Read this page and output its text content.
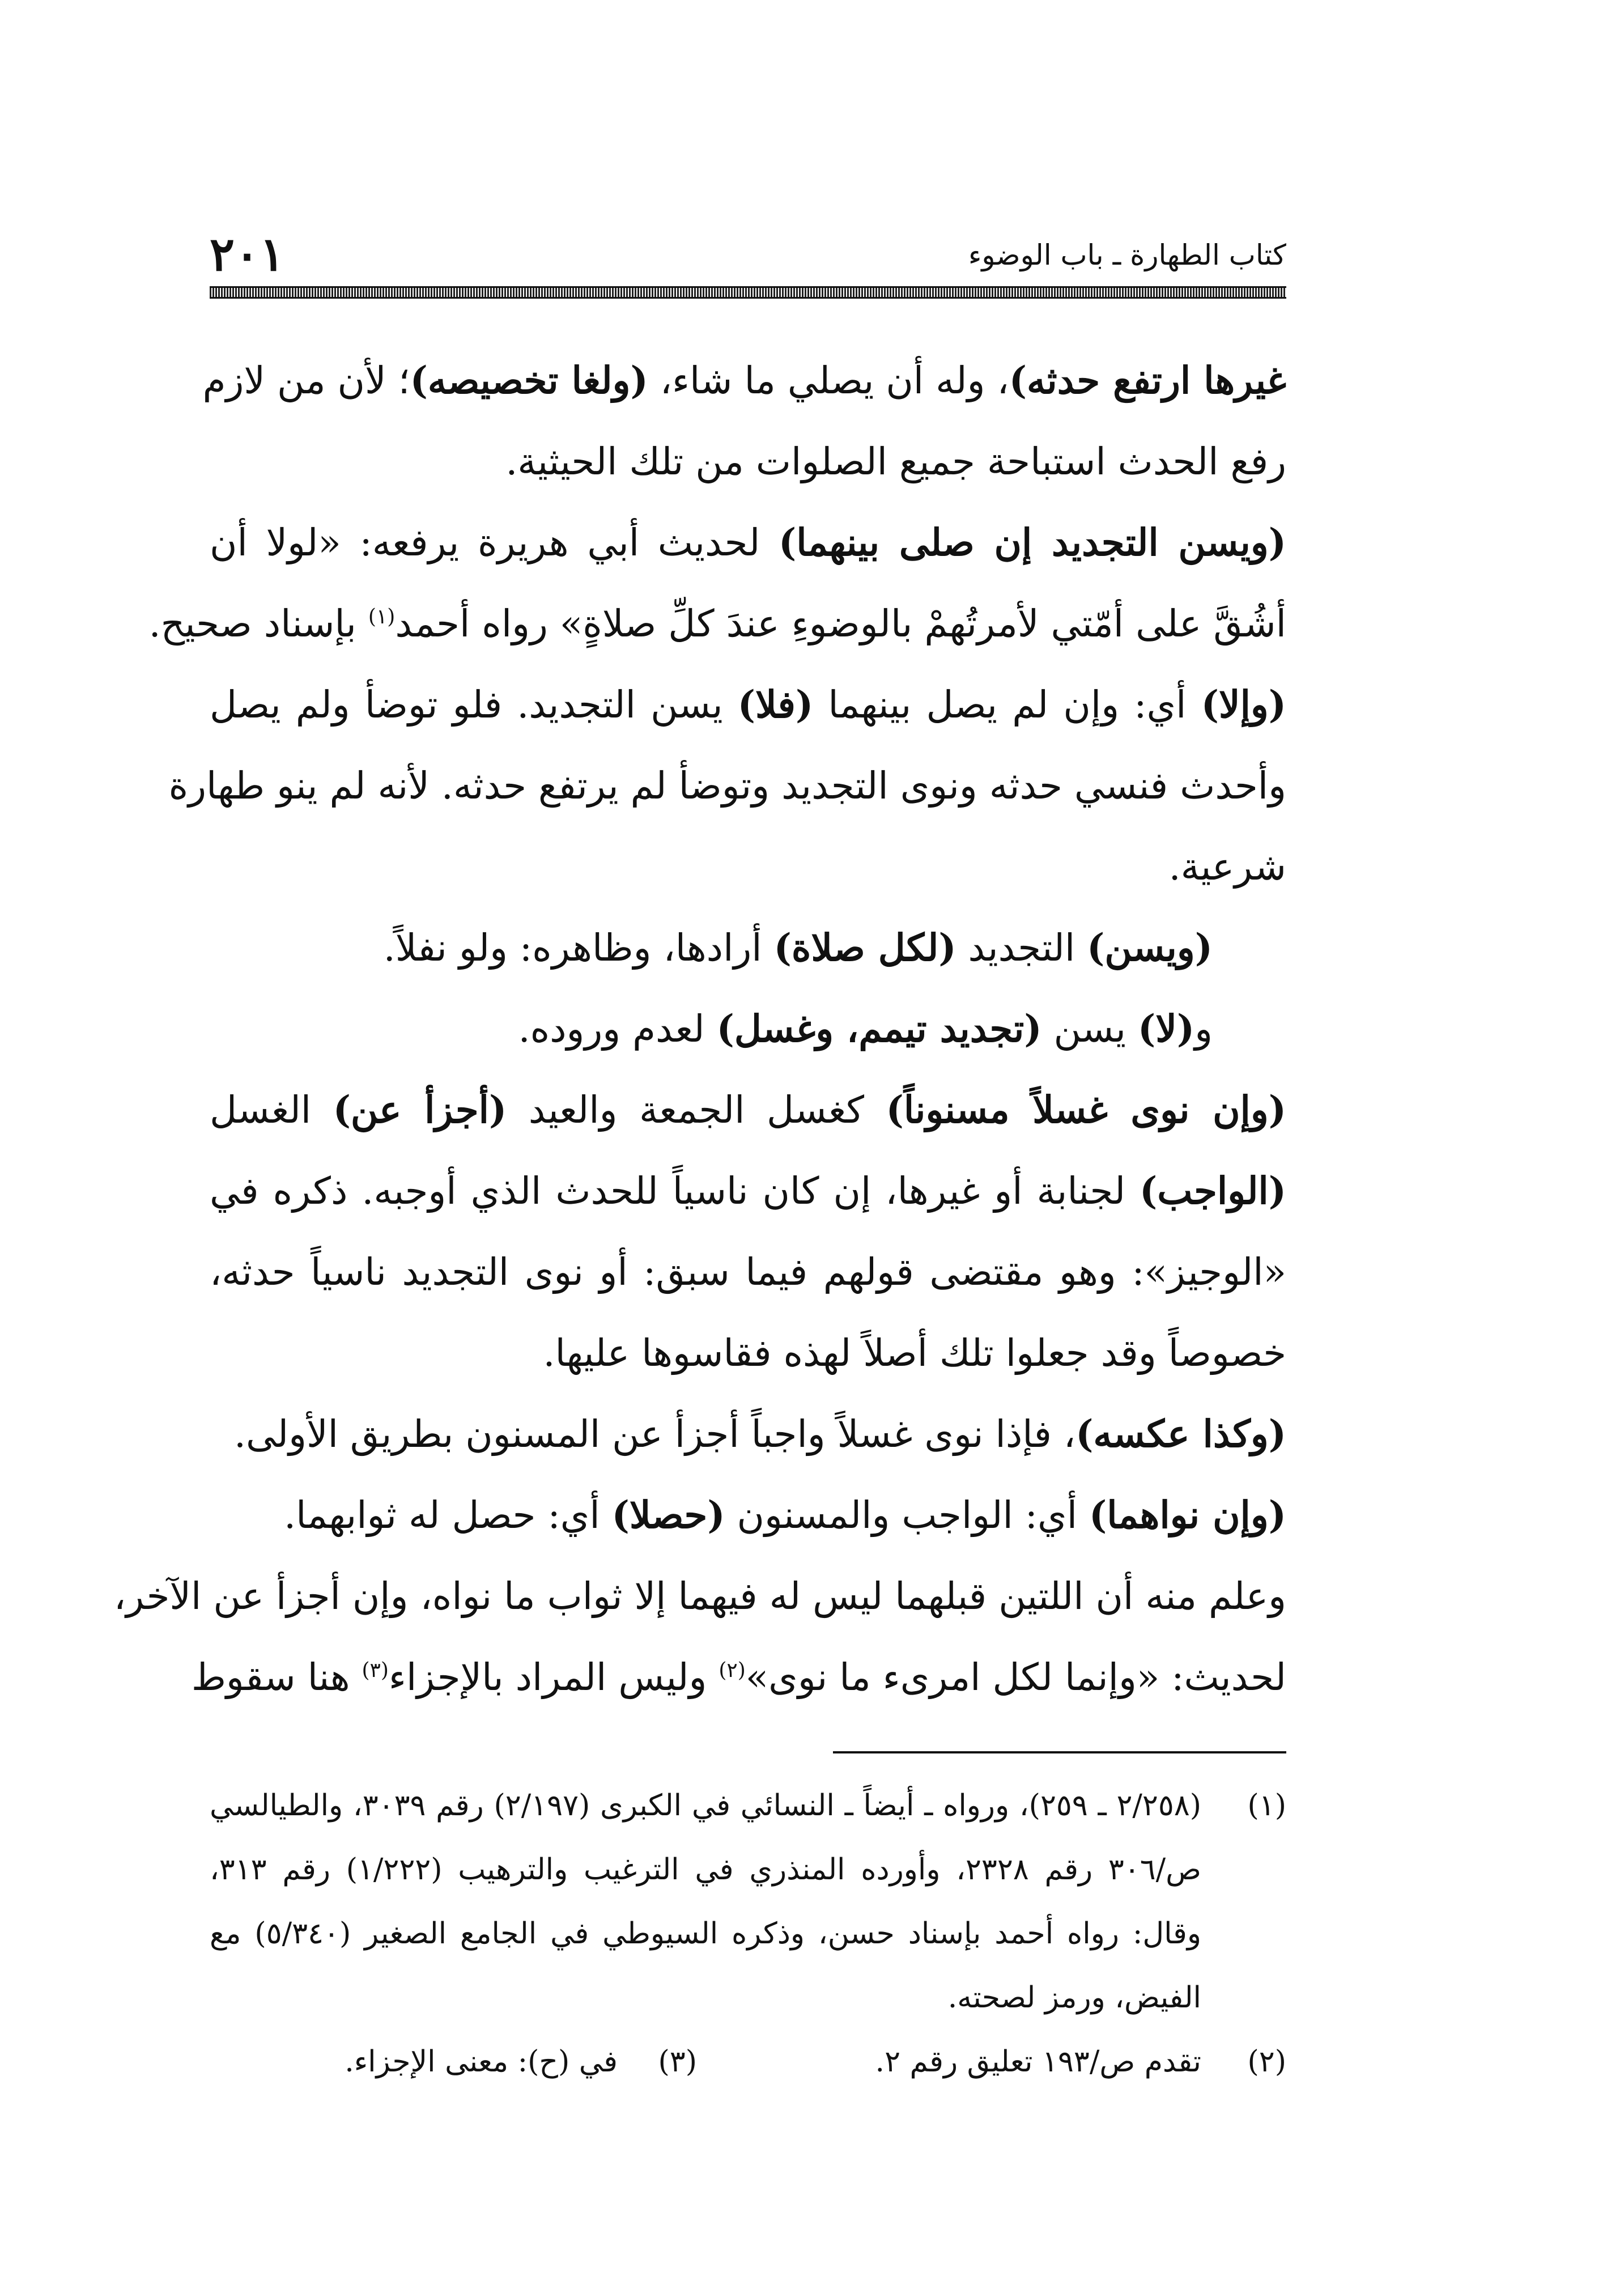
كتاب الطهارة ـ باب الوضوء
٢٠١
غيرها ارتفع حدثه)، وله أن يصلي ما شاء، (ولغا تخصيصه)؛ لأن من لازم
رفع الحدث استباحة جميع الصلوات من تلك الحيثية.
(ويسن التجديد إن صلى بينهما) لحديث أبي هريرة يرفعه: «لولا أن
أشُقَّ على أمّتي لأمرتُهمْ بالوضوءِ عندَ كلِّ صلاةٍ» رواه أحمد$^{(١)}$ بإسناد صحيح.
(وإلا) أي: وإن لم يصل بينهما (فلا) يسن التجديد. فلو توضأ ولم يصل
وأحدث فنسي حدثه ونوى التجديد وتوضأ لم يرتفع حدثه. لأنه لم ينو طهارة
شرعية.
(ويسن) التجديد (لكل صلاة) أرادها، وظاهره: ولو نفلاً.
و(لا) يسن (تجديد تيمم، وغسل) لعدم وروده.
(وإن نوى غسلاً مسنوناً) كغسل الجمعة والعيد (أجزأ عن) الغسل
(الواجب) لجنابة أو غيرها، إن كان ناسياً للحدث الذي أوجبه. ذكره في
«الوجيز»: وهو مقتضى قولهم فيما سبق: أو نوى التجديد ناسياً حدثه،
خصوصاً وقد جعلوا تلك أصلاً لهذه فقاسوها عليها.
(وكذا عكسه)، فإذا نوى غسلاً واجباً أجزأ عن المسنون بطريق الأولى.
(وإن نواهما) أي: الواجب والمسنون (حصلا) أي: حصل له ثوابهما.
وعلم منه أن اللتين قبلهما ليس له فيهما إلا ثواب ما نواه، وإن أجزأ عن الآخر،
لحديث: «وإنما لكل امرىء ما نوى»$^{(٢)}$ وليس المراد بالإجزاء$^{(٣)}$ هنا سقوط
(١)
(٢/٢٥٨ ـ ٢٥٩)، ورواه ـ أيضاً ـ النسائي في الكبرى (٢/١٩٧) رقم ٣٠٣٩، والطيالسي
ص/٣٠٦ رقم ٢٣٢٨، وأورده المنذري في الترغيب والترهيب (١/٢٢٢) رقم ٣١٣،
وقال: رواه أحمد بإسناد حسن، وذكره السيوطي في الجامع الصغير (٥/٣٤٠) مع
الفيض، ورمز لصحته.
(٢)
تقدم ص/١٩٣ تعليق رقم ٢.
(٣)
في (ح): معنى الإجزاء.
